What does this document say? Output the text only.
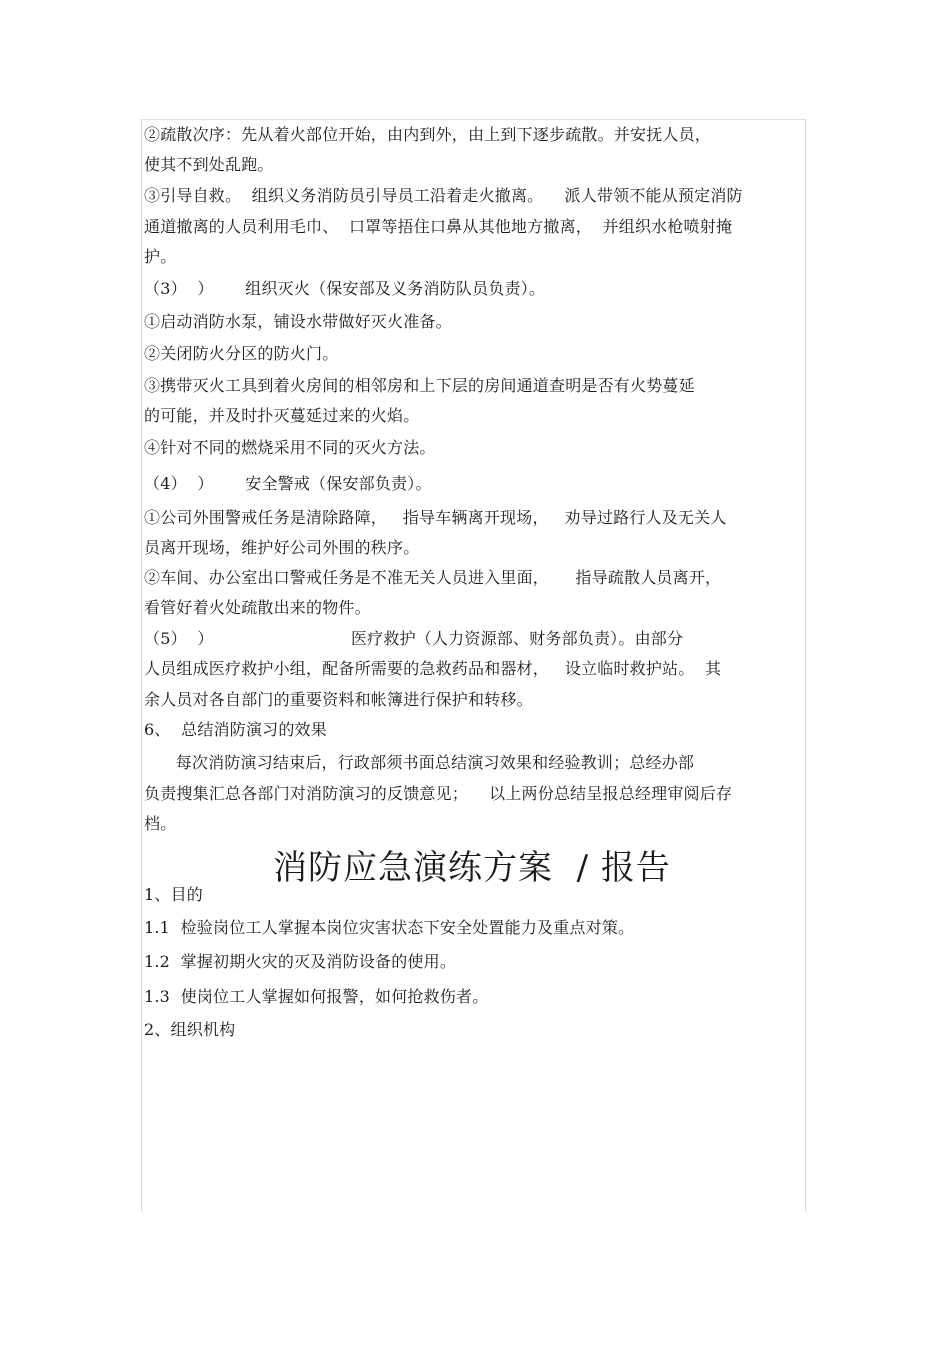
②疏散次序：先从着火部位开始，由内到外，由上到下逐步疏散。并安抚人员，
使其不到处乱跑。
③引导自救。  组织义务消防员引导员工沿着走火撤离。    派人带领不能从预定消防
通道撤离的人员利用毛巾、  口罩等捂住口鼻从其他地方撤离，  并组织水枪喷射掩
护。
（3）  ）      组织灭火（保安部及义务消防队员负责）。
①启动消防水泵，铺设水带做好灭火准备。
②关闭防火分区的防火门。
③携带灭火工具到着火房间的相邻房和上下层的房间通道查明是否有火势蔓延
的可能，并及时扑灭蔓延过来的火焰。
④针对不同的燃烧采用不同的灭火方法。
（4）  ）      安全警戒（保安部负责）。
①公司外围警戒任务是清除路障，   指导车辆离开现场，   劝导过路行人及无关人
员离开现场，维护好公司外围的秩序。
②车间、办公室出口警戒任务是不准无关人员进入里面，     指导疏散人员离开，
看管好着火处疏散出来的物件。
（5）  ）                          医疗救护（人力资源部、财务部负责）。由部分
人员组成医疗救护小组，配备所需要的急救药品和器材，   设立临时救护站。  其
余人员对各自部门的重要资料和帐簿进行保护和转移。
6、  总结消防演习的效果
每次消防演习结束后，行政部须书面总结演习效果和经验教训；总经办部
负责搜集汇总各部门对消防演习的反馈意见；    以上两份总结呈报总经理审阅后存
档。
消防应急演练方案  / 报告
1、目的
1.1  检验岗位工人掌握本岗位灾害状态下安全处置能力及重点对策。
1.2  掌握初期火灾的灭及消防设备的使用。
1.3  使岗位工人掌握如何报警，如何抢救伤者。
2、组织机构
